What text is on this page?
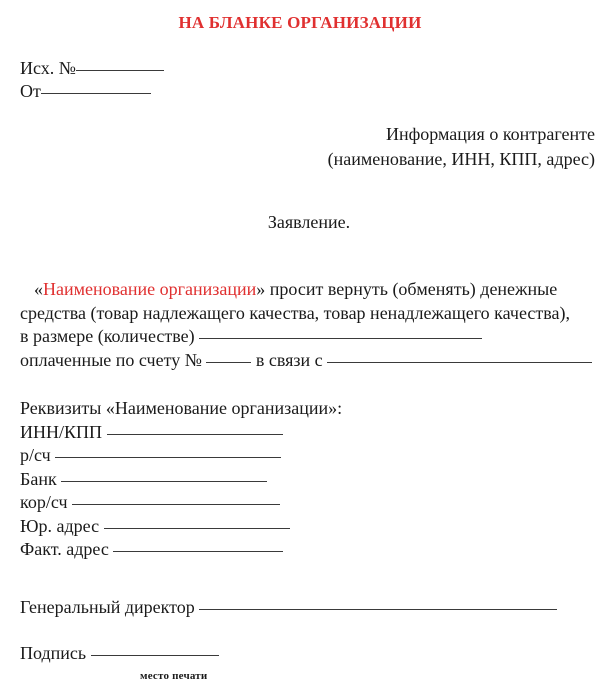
НА БЛАНКЕ ОРГАНИЗАЦИИ
Исх. №
От
Информация о контрагенте
(наименование, ИНН, КПП, адрес)
Заявление.
«Наименование организации» просит вернуть (обменять) денежные
средства (товар надлежащего качества, товар ненадлежащего качества),
в размере (количестве)
оплаченные по счету №	в связи с
Реквизиты «Наименование организации»:
ИНН/КПП
р/сч
Банк
кор/сч
Юр. адрес
Факт. адрес
Генеральный директор
Подпись
место печати
